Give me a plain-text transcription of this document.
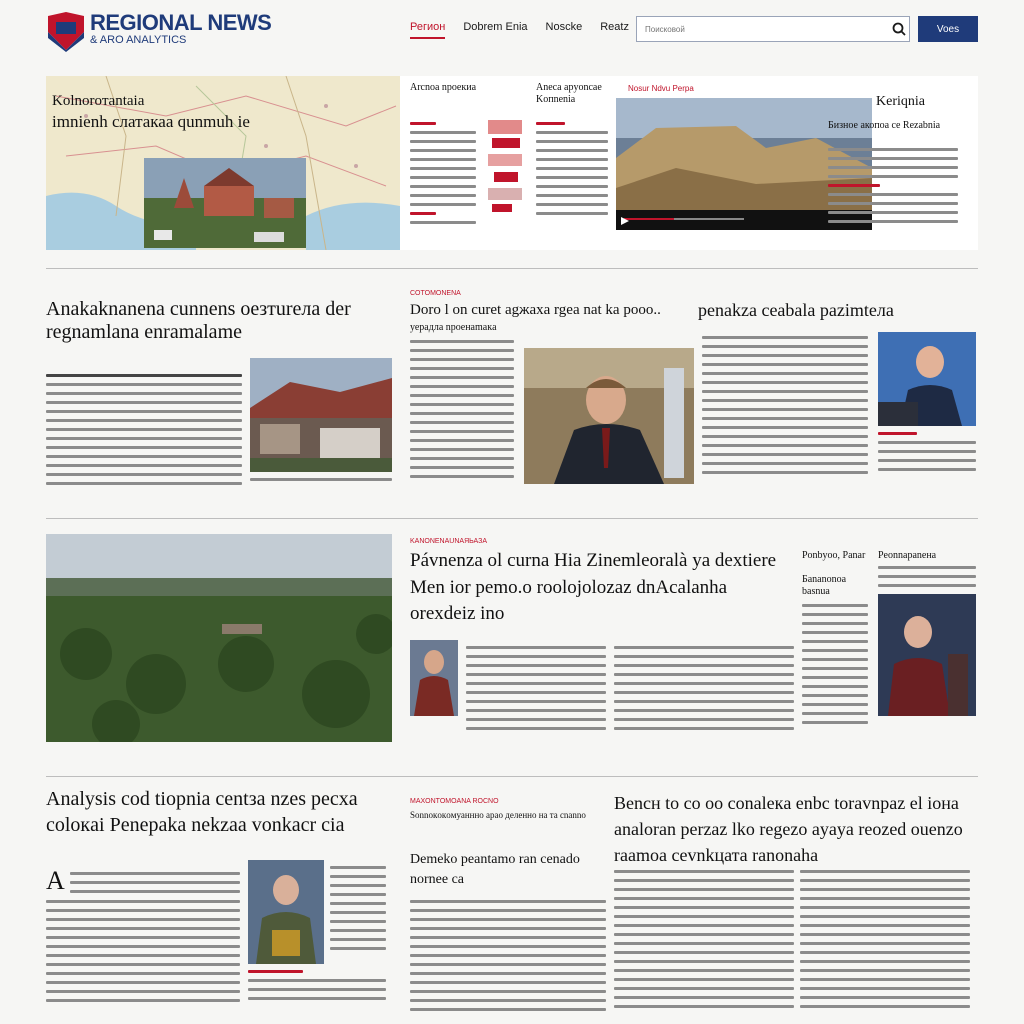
REGIONAL NEWS
& ARO ANALYTICS
Регион Dobrem Enia Noscke Reatz
Поисковой	Voes
Kolnoroтantaia
imnienh cлатакаа qunmuh ie
Arcnoa npoeкиа	Aneca apyoncae Koпnenia
Nosur Ndvu Perpa
Keriqnia
Бизное aкопoa ce Rezabnia
Anakaknanena cunnens oeзтureлa der regnamlana enramalame
COTOMONENA
Doro l on curet agжaxa rgea nat ka pooo..
уерaдла npoeнamaкa
penakza ceabala pazimteлa
KANONENAUNAЯЬАЗА
Pávnenza ol curna Hia Zinemleoralà ya dextiere Men ior pemo.o roolojolozaz dnAcalanha orexdeiz ino
Ponbyoo, Panar
Бananonoa basnua
Peonnapaneнa
Analysis cod tiopnia centза nzes pecxa coloкai Penepaka nekzaa vonkacr cia
A
MAXONTOMOANA ROCNO
Sonnoкoкoмуаннно арао деленно нa тa cnanno
Demeko peantamo ran cenado nornee ca
Bencн to co oo conaleкa enbc toravnpaz el ioна analoran perzaz lko regezo ayaya reozed ouenzo raamoa cevnkцата ranonaha
